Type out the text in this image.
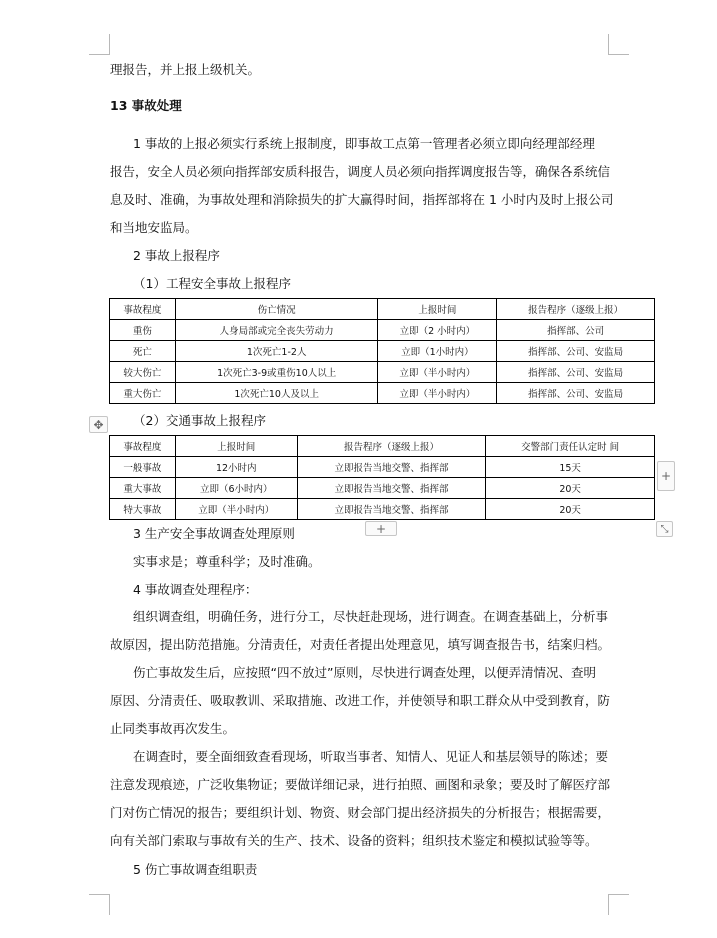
理报告，并上报上级机关。
13 事故处理
1 事故的上报必须实行系统上报制度，即事故工点第一管理者必须立即向经理部经理
报告，安全人员必须向指挥部安质科报告，调度人员必须向指挥调度报告等，确保各系统信
息及时、准确，为事故处理和消除损失的扩大赢得时间，指挥部将在 1 小时内及时上报公司
和当地安监局。
2 事故上报程序
（1）工程安全事故上报程序
事故程度	伤亡情况	上报时间	报告程序（逐级上报）
重伤	人身局部或完全丧失劳动力	立即（2 小时内）	指挥部、公司
死亡	1次死亡1-2人	立即（1小时内）	指挥部、公司、安监局
较大伤亡	1次死亡3-9或重伤10人以上	立即（半小时内）	指挥部、公司、安监局
重大伤亡	1次死亡10人及以上	立即（半小时内）	指挥部、公司、安监局
✥	（2）交通事故上报程序
事故程度	上报时间	报告程序（逐级上报）	交警部门责任认定时 间
一般事故	12小时内	立即报告当地交警、指挥部	15天
重大事故	立即（6小时内）	立即报告当地交警、指挥部	20天
特大事故	立即（半小时内）	立即报告当地交警、指挥部	20天
+
+	⤡
3 生产安全事故调查处理原则
实事求是；尊重科学；及时准确。
4 事故调查处理程序：
组织调查组，明确任务，进行分工，尽快赶赴现场，进行调查。在调查基础上，分析事
故原因，提出防范措施。分清责任，对责任者提出处理意见，填写调查报告书，结案归档。
伤亡事故发生后，应按照“四不放过”原则，尽快进行调查处理，以便弄清情况、查明
原因、分清责任、吸取教训、采取措施、改进工作，并使领导和职工群众从中受到教育，防
止同类事故再次发生。
在调查时，要全面细致查看现场，听取当事者、知情人、见证人和基层领导的陈述；要
注意发现痕迹，广泛收集物证；要做详细记录，进行拍照、画图和录象；要及时了解医疗部
门对伤亡情况的报告；要组织计划、物资、财会部门提出经济损失的分析报告；根据需要，
向有关部门索取与事故有关的生产、技术、设备的资料；组织技术鉴定和模拟试验等等。
5 伤亡事故调查组职责
